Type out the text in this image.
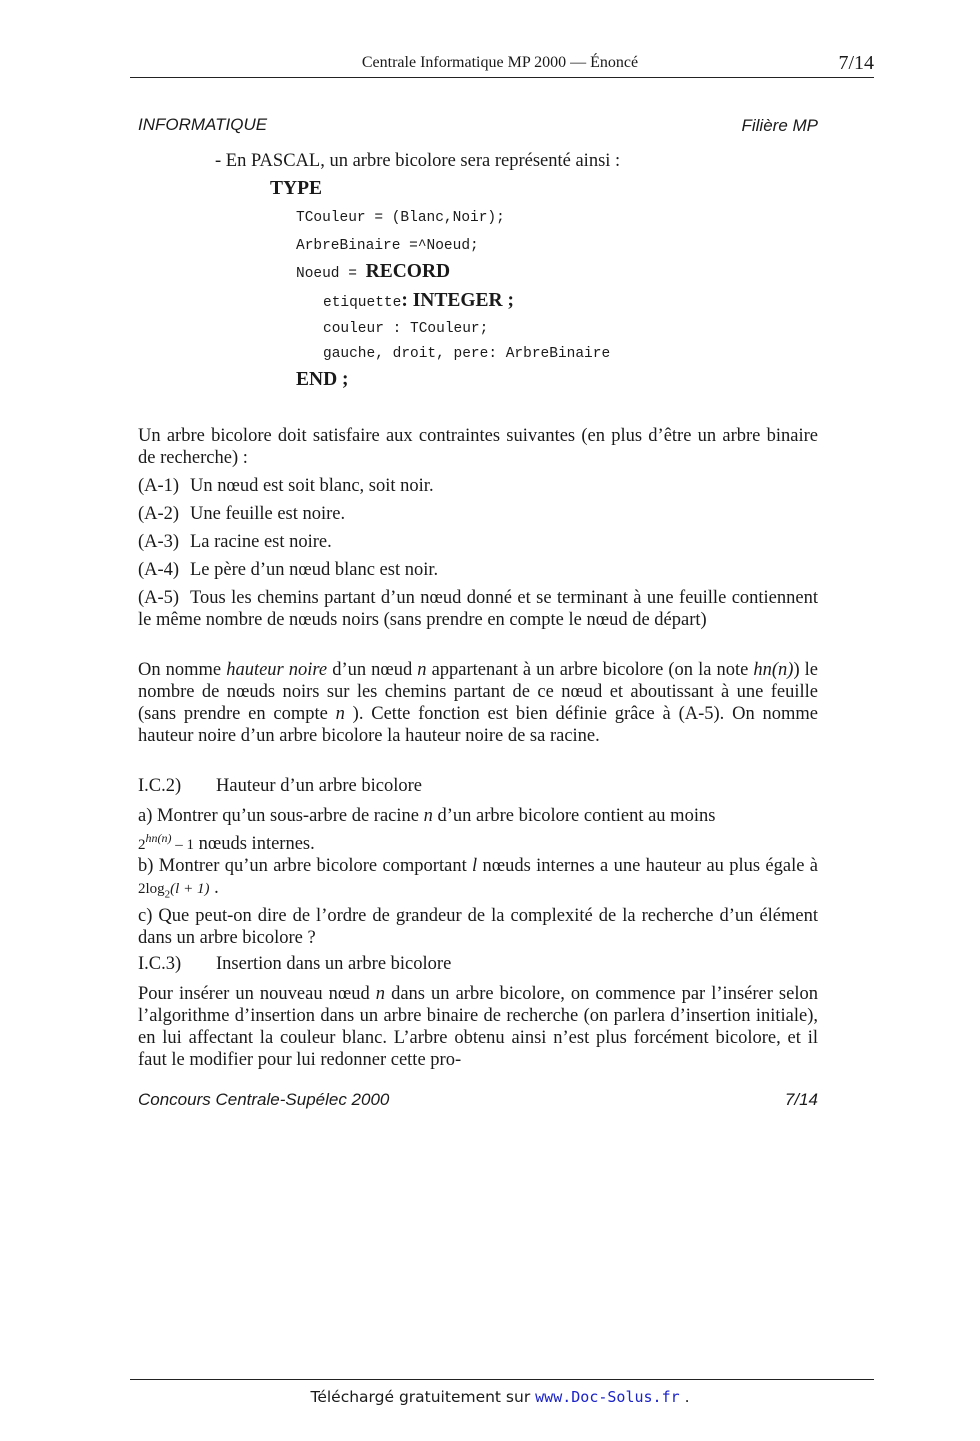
Centrale Informatique MP 2000 — Énoncé	7/14
INFORMATIQUE	Filière MP
- En PASCAL, un arbre bicolore sera représenté ainsi :
TYPE
TCouleur = (Blanc,Noir);
ArbreBinaire =^Noeud;
Noeud = RECORD
etiquette: INTEGER ;
couleur : TCouleur;
gauche, droit, pere: ArbreBinaire
END ;
Un arbre bicolore doit satisfaire aux contraintes suivantes (en plus d’être un arbre binaire de recherche) :
(A-1) Un nœud est soit blanc, soit noir.
(A-2) Une feuille est noire.
(A-3) La racine est noire.
(A-4) Le père d’un nœud blanc est noir.
(A-5) Tous les chemins partant d’un nœud donné et se terminant à une feuille contiennent le même nombre de nœuds noirs (sans prendre en compte le nœud de départ)
On nomme hauteur noire d’un nœud n appartenant à un arbre bicolore (on la note hn(n)) le nombre de nœuds noirs sur les chemins partant de ce nœud et aboutissant à une feuille (sans prendre en compte n ). Cette fonction est bien définie grâce à (A-5). On nomme hauteur noire d’un arbre bicolore la hauteur noire de sa racine.
I.C.2) Hauteur d’un arbre bicolore
a) Montrer qu’un sous-arbre de racine n d’un arbre bicolore contient au moins
$2^{hn(n)} - 1$ nœuds internes.
b) Montrer qu’un arbre bicolore comportant l nœuds internes a une hauteur au plus égale à $2\log_2(l + 1)$ .
c) Que peut-on dire de l’ordre de grandeur de la complexité de la recherche d’un élément dans un arbre bicolore ?
I.C.3) Insertion dans un arbre bicolore
Pour insérer un nouveau nœud n dans un arbre bicolore, on commence par l’insérer selon l’algorithme d’insertion dans un arbre binaire de recherche (on parlera d’insertion initiale), en lui affectant la couleur blanc. L’arbre obtenu ainsi n’est plus forcément bicolore, et il faut le modifier pour lui redonner cette pro-
Concours Centrale-Supélec 2000	7/14
Téléchargé gratuitement sur www.Doc-Solus.fr .
